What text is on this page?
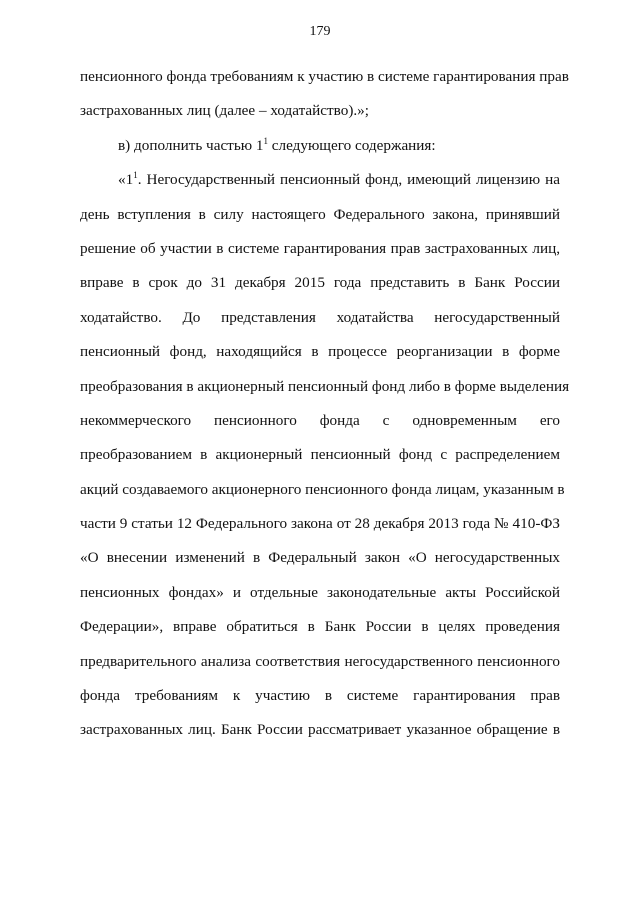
179
пенсионного фонда требованиям к участию в системе гарантирования прав
застрахованных лиц (далее – ходатайство).»;
в) дополнить частью $1^1$ следующего содержания:
«$1^1$. Негосударственный пенсионный фонд, имеющий лицензию на
день вступления в силу настоящего Федерального закона, принявший
решение об участии в системе гарантирования прав застрахованных лиц,
вправе в срок до 31 декабря 2015 года представить в Банк России
ходатайство. До представления ходатайства негосударственный
пенсионный фонд, находящийся в процессе реорганизации в форме
преобразования в акционерный пенсионный фонд либо в форме выделения
некоммерческого пенсионного фонда с одновременным его
преобразованием в акционерный пенсионный фонд с распределением
акций создаваемого акционерного пенсионного фонда лицам, указанным в
части 9 статьи 12 Федерального закона от 28 декабря 2013 года № 410-ФЗ
«О внесении изменений в Федеральный закон «О негосударственных
пенсионных фондах» и отдельные законодательные акты Российской
Федерации», вправе обратиться в Банк России в целях проведения
предварительного анализа соответствия негосударственного пенсионного
фонда требованиям к участию в системе гарантирования прав
застрахованных лиц. Банк России рассматривает указанное обращение в
